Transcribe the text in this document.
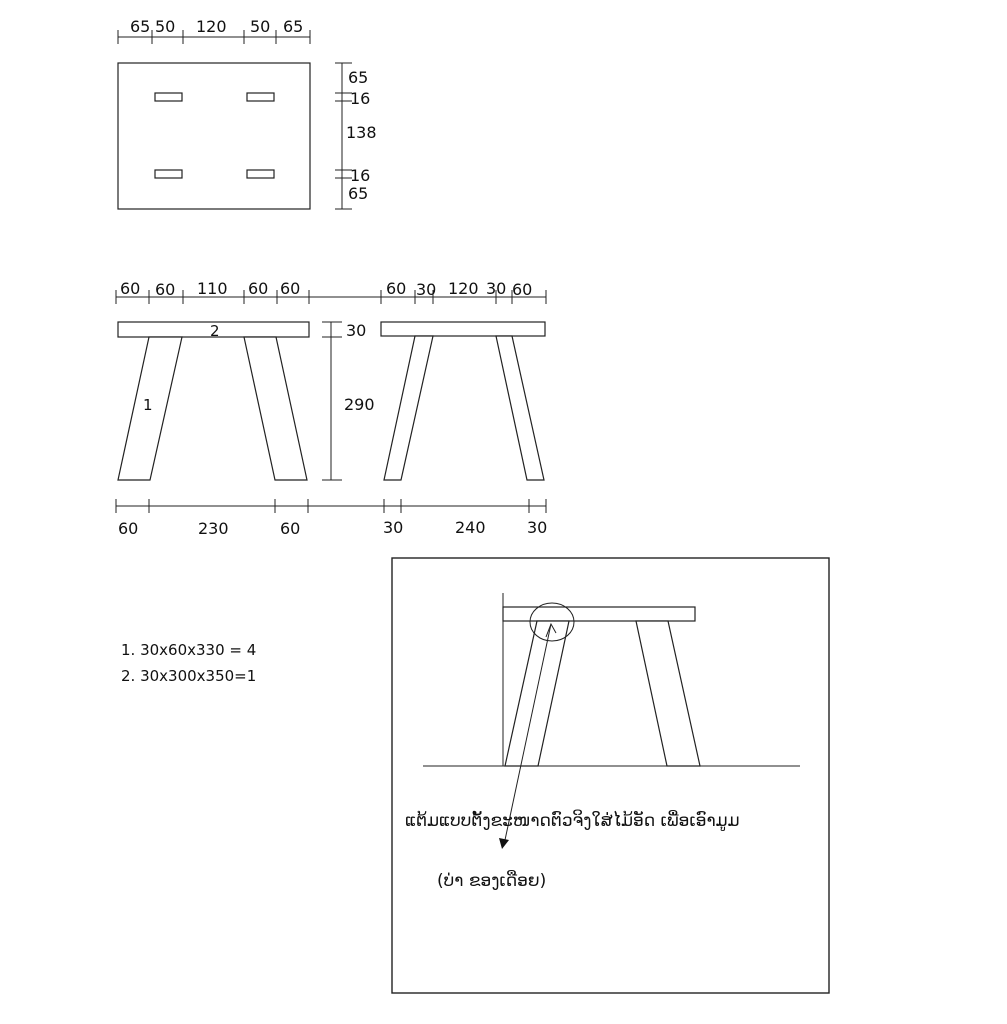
65 50 120 50 65
65
16
138
16
65
60 60 110 60 60
2
1
60	230	60
30
290
60 30 120 30 60
30	240	30
1. 30x60x330 = 4
2. 30x300x350=1
ແຕ້ມແບບຕັ້ງຂະໜາດຕົວຈິງໃສ່ໄມ້ອັດ ເພື່ອເອົາມູມ
(ບ່າ ຂອງເດືອຍ)
